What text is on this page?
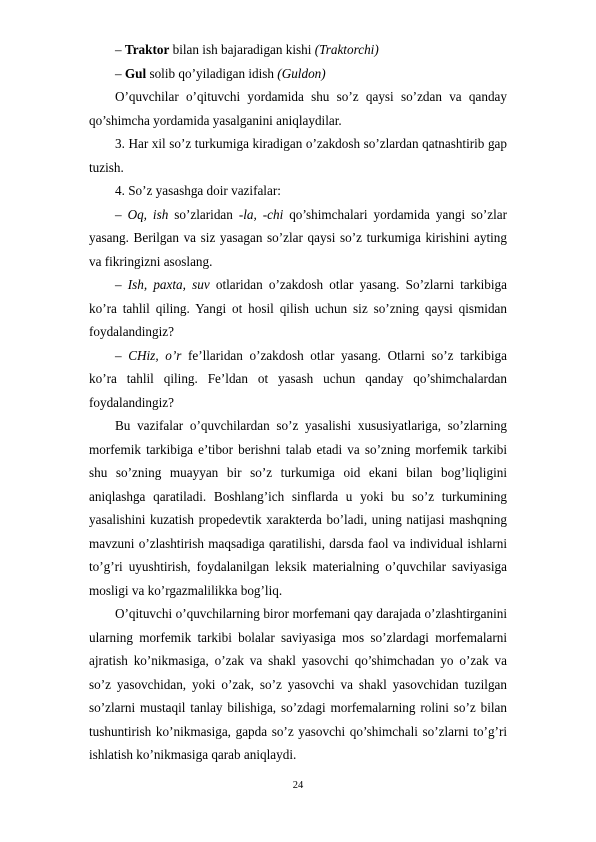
– Traktor bilan ish bajaradigan kishi (Traktorchi)

– Gul solib qo’yiladigan idish (Guldon)

O’quvchilar o’qituvchi yordamida shu so’z qaysi so’zdan va qanday qo’shimcha yordamida yasalganini aniqlaydilar.

3. Har xil so’z turkumiga kiradigan o’zakdosh so’zlardan qatnashtirib gap tuzish.

4. So’z yasashga doir vazifalar:

– Oq, ish so’zlaridan -la, -chi qo’shimchalari yordamida yangi so’zlar yasang. Berilgan va siz yasagan so’zlar qaysi so’z turkumiga kirishini ayting va fikringizni asoslang.

– Ish, paxta, suv otlaridan o’zakdosh otlar yasang. So’zlarni tarkibiga ko’ra tahlil qiling. Yangi ot hosil qilish uchun siz so’zning qaysi qismidan foydalandingiz?

– CHiz, o’r fe’llaridan o’zakdosh otlar yasang. Otlarni so’z tarkibiga ko’ra tahlil qiling. Fe’ldan ot yasash uchun qanday qo’shimchalardan foydalandingiz?

Bu vazifalar o’quvchilardan so’z yasalishi xususiyatlariga, so’zlarning morfemik tarkibiga e’tibor berishni talab etadi va so’zning morfemik tarkibi shu so’zning muayyan bir so’z turkumiga oid ekani bilan bog’liqligini aniqlashga qaratiladi. Boshlang’ich sinflarda u yoki bu so’z turkumining yasalishini kuzatish propedevtik xarakterda bo’ladi, uning natijasi mashqning mavzuni o’zlashtirish maqsadiga qaratilishi, darsda faol va individual ishlarni to’g’ri uyushtirish, foydalanilgan leksik materialning o’quvchilar saviyasiga mosligi va ko’rgazmalilikka bog’liq.

O’qituvchi o’quvchilarning biror morfemani qay darajada o’zlashtirganini ularning morfemik tarkibi bolalar saviyasiga mos so’zlardagi morfemalarni ajratish ko’nikmasiga, o’zak va shakl yasovchi qo’shimchadan yo o’zak va so’z yasovchidan, yoki o’zak, so’z yasovchi va shakl yasovchidan tuzilgan so’zlarni mustaqil tanlay bilishiga, so’zdagi morfemalarning rolini so’z bilan tushuntirish ko’nikmasiga, gapda so’z yasovchi qo’shimchali so’zlarni to’g’ri ishlatish ko’nikmasiga qarab aniqlaydi.

24
